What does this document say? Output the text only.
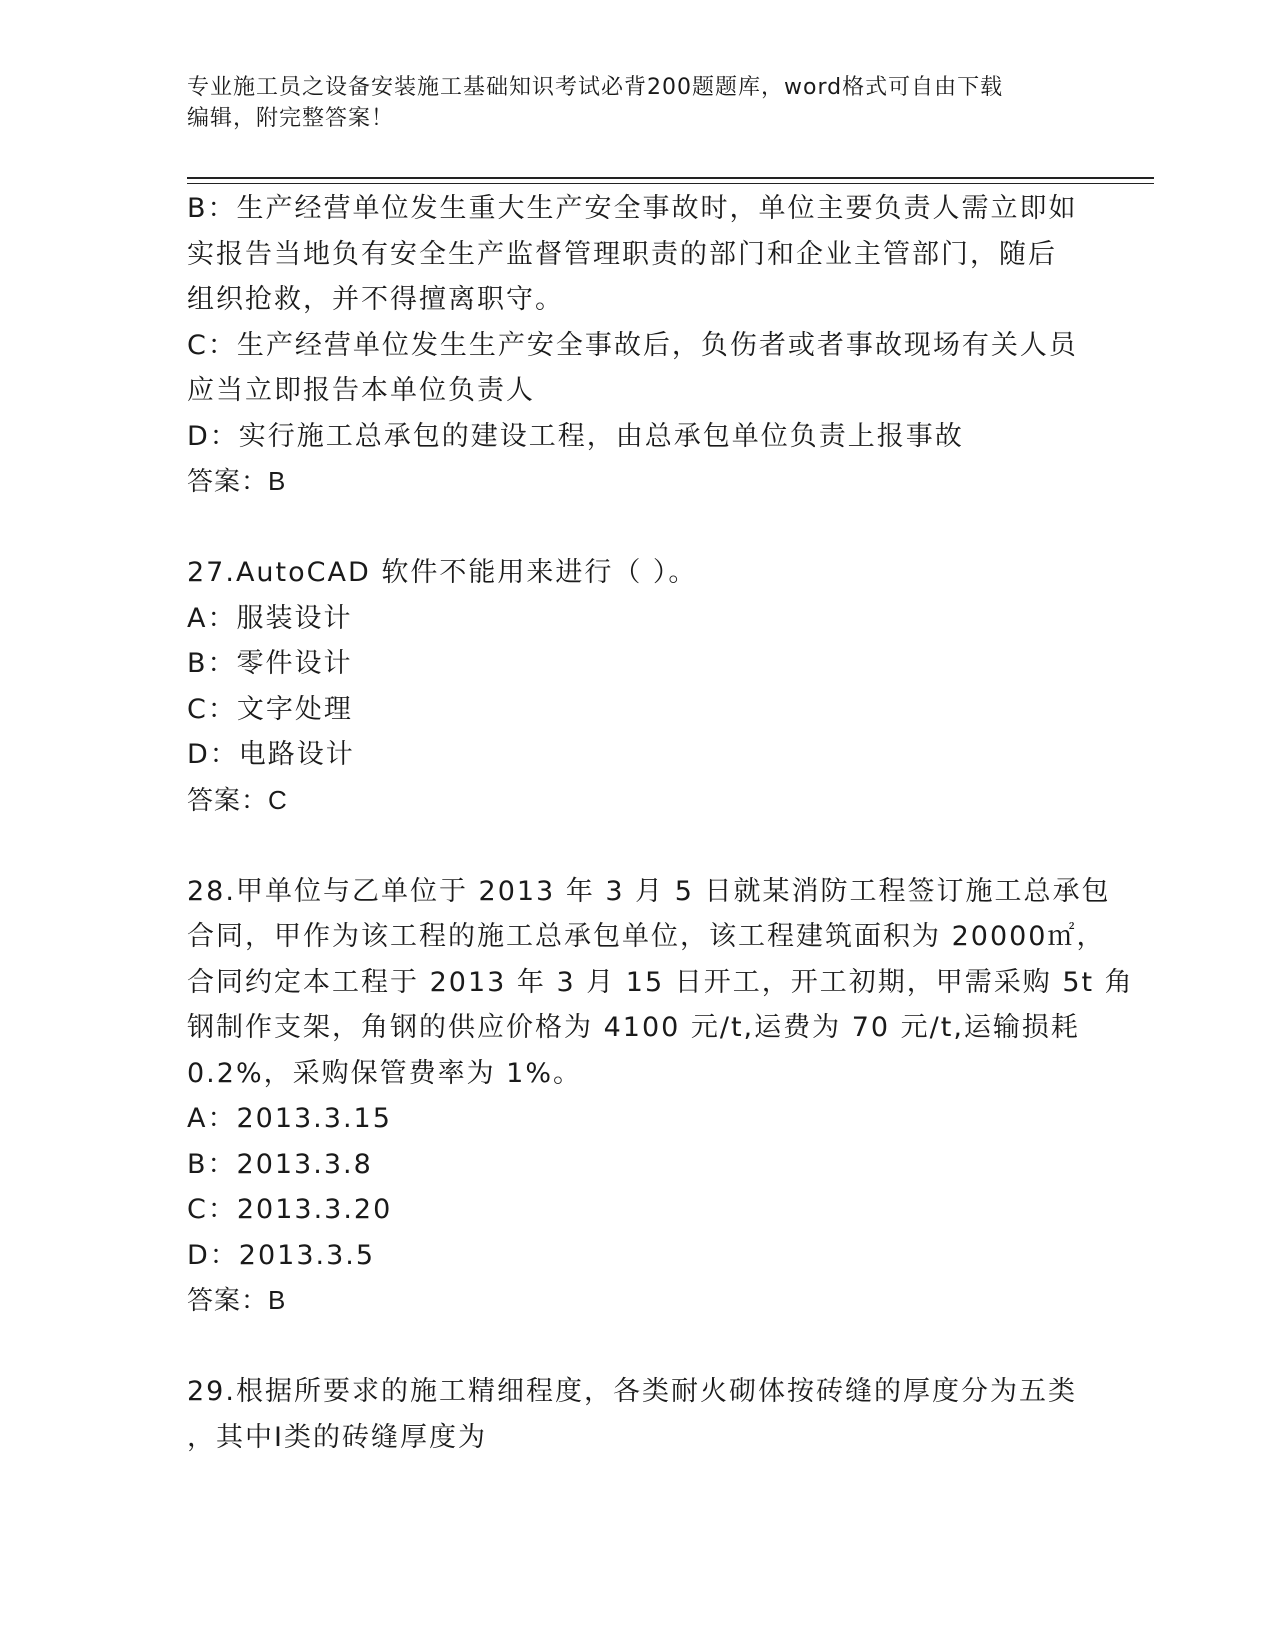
专业施工员之设备安装施工基础知识考试必背200题题库，word格式可自由下载
编辑，附完整答案！
B：生产经营单位发生重大生产安全事故时，单位主要负责人需立即如
实报告当地负有安全生产监督管理职责的部门和企业主管部门，随后
组织抢救，并不得擅离职守。
C：生产经营单位发生生产安全事故后，负伤者或者事故现场有关人员
应当立即报告本单位负责人
D：实行施工总承包的建设工程，由总承包单位负责上报事故
答案：B
27.AutoCAD 软件不能用来进行（ ）。
A：服装设计
B：零件设计
C：文字处理
D：电路设计
答案：C
28.甲单位与乙单位于 2013 年 3 月 5 日就某消防工程签订施工总承包
合同，甲作为该工程的施工总承包单位，该工程建筑面积为 20000㎡，
合同约定本工程于 2013 年 3 月 15 日开工，开工初期，甲需采购 5t 角
钢制作支架，角钢的供应价格为 4100 元/t,运费为 70 元/t,运输损耗
0.2%，采购保管费率为 1%。
A：2013.3.15
B：2013.3.8
C：2013.3.20
D：2013.3.5
答案：B
29.根据所要求的施工精细程度，各类耐火砌体按砖缝的厚度分为五类
，其中Ⅰ类的砖缝厚度为
